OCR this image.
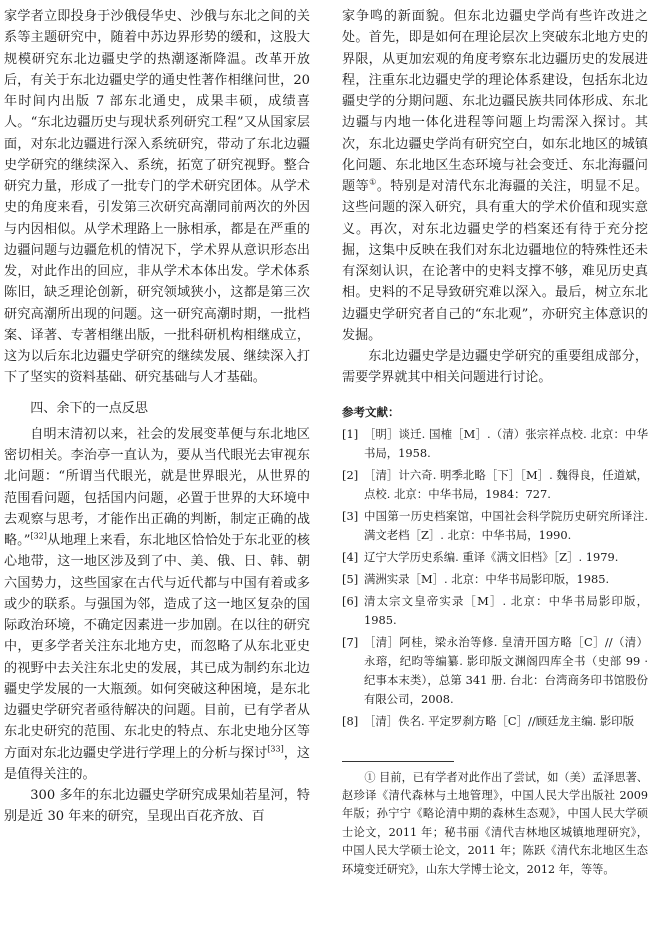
家学者立即投身于沙俄侵华史、沙俄与东北之间的关系等主题研究中，随着中苏边界形势的缓和，这股大规模研究东北边疆史学的热潮逐渐降温。改革开放后，有关于东北边疆史学的通史性著作相继问世，20 年时间内出版 7 部东北通史，成果丰硕，成绩喜人。“东北边疆历史与现状系列研究工程”又从国家层面，对东北边疆进行深入系统研究，带动了东北边疆史学研究的继续深入、系统，拓宽了研究视野。整合研究力量，形成了一批专门的学术研究团体。从学术史的角度来看，引发第三次研究高潮同前两次的外因与内因相似。从学术理路上一脉相承，都是在严重的边疆问题与边疆危机的情况下，学术界从意识形态出发，对此作出的回应，非从学术本体出发。学术体系陈旧，缺乏理论创新，研究领域狭小，这都是第三次研究高潮所出现的问题。这一研究高潮时期，一批档案、译著、专著相继出版，一批科研机构相继成立，这为以后东北边疆史学研究的继续发展、继续深入打下了坚实的资料基础、研究基础与人才基础。

四、余下的一点反思

自明末清初以来，社会的发展变革便与东北地区密切相关。李治亭一直认为，要从当代眼光去审视东北问题：“所谓当代眼光，就是世界眼光，从世界的范围看问题，包括国内问题，必置于世界的大环境中去观察与思考，才能作出正确的判断，制定正确的战略。”[32]从地理上来看，东北地区恰恰处于东北亚的核心地带，这一地区涉及到了中、美、俄、日、韩、朝六国势力，这些国家在古代与近代都与中国有着或多或少的联系。与强国为邻，造成了这一地区复杂的国际政治环境，不确定因素进一步加剧。在以往的研究中，更多学者关注东北地方史，而忽略了从东北亚史的视野中去关注东北史的发展，其已成为制约东北边疆史学发展的一大瓶颈。如何突破这种困境，是东北边疆史学研究者亟待解决的问题。目前，已有学者从东北史研究的范围、东北史的特点、东北史地分区等方面对东北边疆史学进行学理上的分析与探讨[33]，这是值得关注的。

300 多年的东北边疆史学研究成果灿若星河，特别是近 30 年来的研究，呈现出百花齐放、百

家争鸣的新面貌。但东北边疆史学尚有些许改进之处。首先，即是如何在理论层次上突破东北地方史的界限，从更加宏观的角度考察东北边疆历史的发展进程，注重东北边疆史学的理论体系建设，包括东北边疆史学的分期问题、东北边疆民族共同体形成、东北边疆与内地一体化进程等问题上均需深入探讨。其次，东北边疆史学尚有研究空白，如东北地区的城镇化问题、东北地区生态环境与社会变迁、东北海疆问题等①。特别是对清代东北海疆的关注，明显不足。这些问题的深入研究，具有重大的学术价值和现实意义。再次，对东北边疆史学的档案还有待于充分挖掘，这集中反映在我们对东北边疆地位的特殊性还未有深刻认识，在论著中的史料支撑不够，难见历史真相。史料的不足导致研究难以深入。最后，树立东北边疆史学研究者自己的“东北观”，亦研究主体意识的发掘。

东北边疆史学是边疆史学研究的重要组成部分，需要学界就其中相关问题进行讨论。

参考文献：
[1] ［明］谈迁. 国榷［M］.（清）张宗祥点校. 北京：中华书局，1958.
[2] ［清］计六奇. 明季北略［下］［M］. 魏得良，任道斌，点校. 北京：中华书局，1984：727.
[3] 中国第一历史档案馆，中国社会科学院历史研究所译注. 满文老档［Z］. 北京：中华书局，1990.
[4] 辽宁大学历史系编. 重译《满文旧档》［Z］. 1979.
[5] 满洲实录［M］. 北京：中华书局影印版，1985.
[6] 清太宗文皇帝实录［M］. 北京：中华书局影印版，1985.
[7] ［清］阿桂，梁永治等修. 皇清开国方略［C］//（清）永瑢，纪昀等编纂. 影印版文渊阁四库全书（史部 99 · 纪事本末类），总第 341 册. 台北：台湾商务印书馆股份有限公司，2008.
[8] ［清］佚名. 平定罗刹方略［C］//顾廷龙主编. 影印版

① 目前，已有学者对此作出了尝试，如（美）孟泽思著、赵珍译《清代森林与土地管理》，中国人民大学出版社 2009 年版；孙宁宁《略论清中期的森林生态观》，中国人民大学硕士论文，2011 年；秘书丽《清代吉林地区城镇地理研究》，中国人民大学硕士论文，2011 年；陈跃《清代东北地区生态环境变迁研究》，山东大学博士论文，2012 年，等等。
